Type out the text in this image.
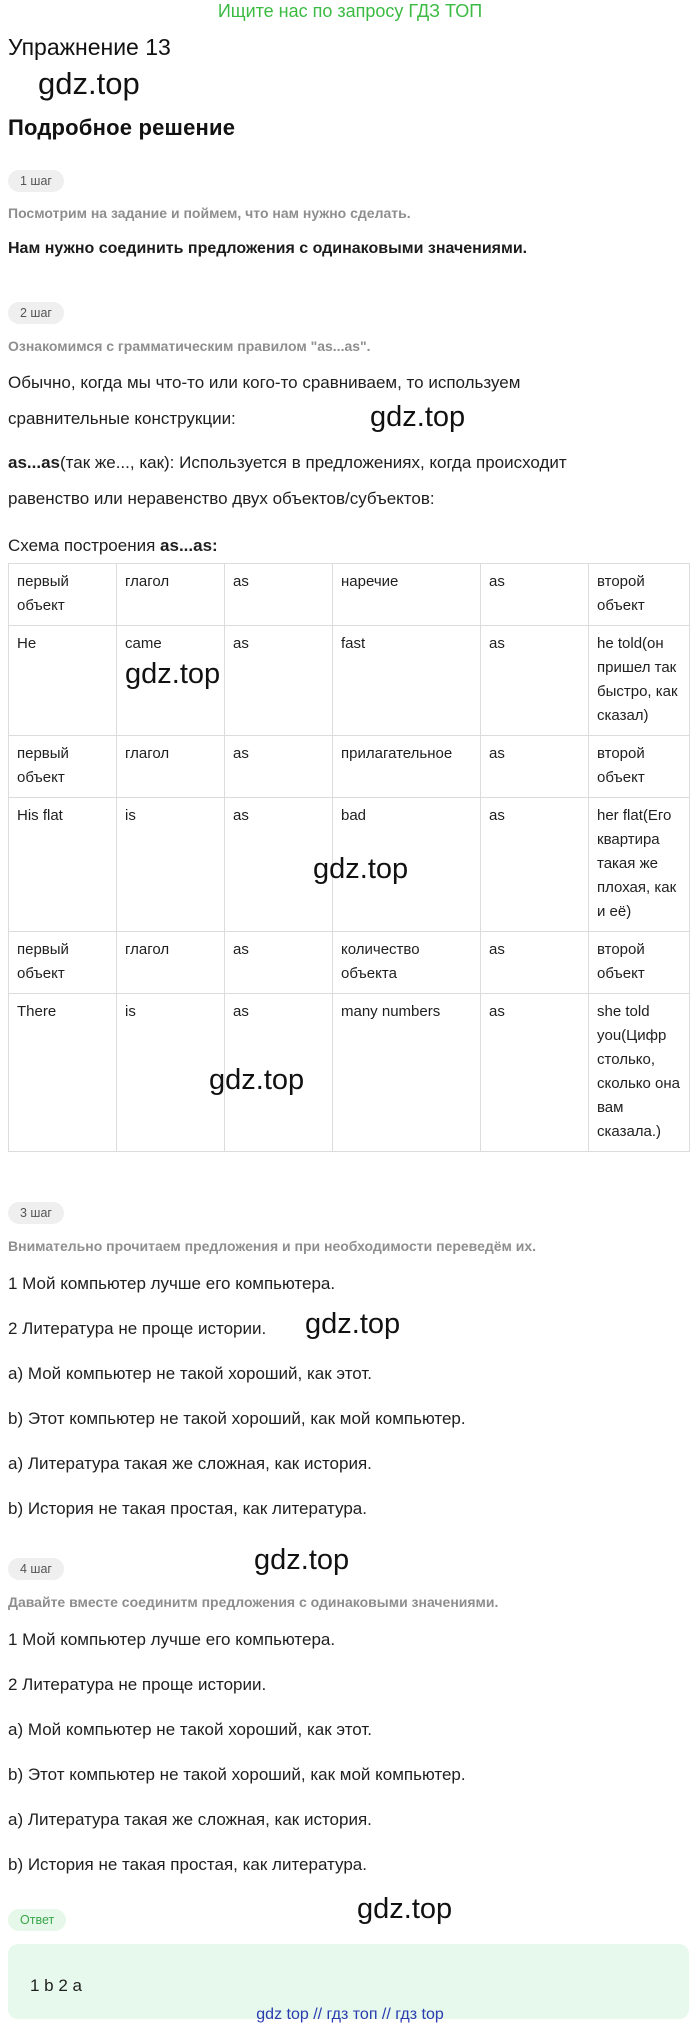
Ищите нас по запросу ГДЗ ТОП
Упражнение 13
gdz.top
Подробное решение
1 шаг
Посмотрим на задание и поймем, что нам нужно сделать.
Нам нужно соединить предложения с одинаковыми значениями.
2 шаг
Ознакомимся с грамматическим правилом "as...as".
Обычно, когда мы что-то или кого-то сравниваем, то используем
сравнительные конструкции:	gdz.top
as...as(так же..., как): Используется в предложениях, когда происходит
равенство или неравенство двух объектов/субъектов:
Схема построения as...as:
первый объект	глагол	as	наречие	as	второй объект
He	came	as	fast	as	he told(он пришел так быстро, как сказал)
первый объект	глагол	as	прилагательное	as	второй объект
His flat	is	as	bad	as	her flat(Его квартира такая же плохая, как и её)
первый объект	глагол	as	количество объекта	as	второй объект
There	is	as	many numbers	as	she told you(Цифр столько, сколько она вам сказала.)
gdz.top
gdz.top
gdz.top
3 шаг
Внимательно прочитаем предложения и при необходимости переведём их.
1 Мой компьютер лучше его компьютера.
2 Литература не проще истории. gdz.top
a) Мой компьютер не такой хороший, как этот.
b) Этот компьютер не такой хороший, как мой компьютер.
a) Литература такая же сложная, как история.
b) История не такая простая, как литература.
gdz.top
4 шаг
Давайте вместе соединитм предложения с одинаковыми значениями.
1 Мой компьютер лучше его компьютера.
2 Литература не проще истории.
a) Мой компьютер не такой хороший, как этот.
b) Этот компьютер не такой хороший, как мой компьютер.
a) Литература такая же сложная, как история.
b) История не такая простая, как литература.
gdz.top
Ответ
1 b 2 a
gdz top // гдз топ // гдз top
